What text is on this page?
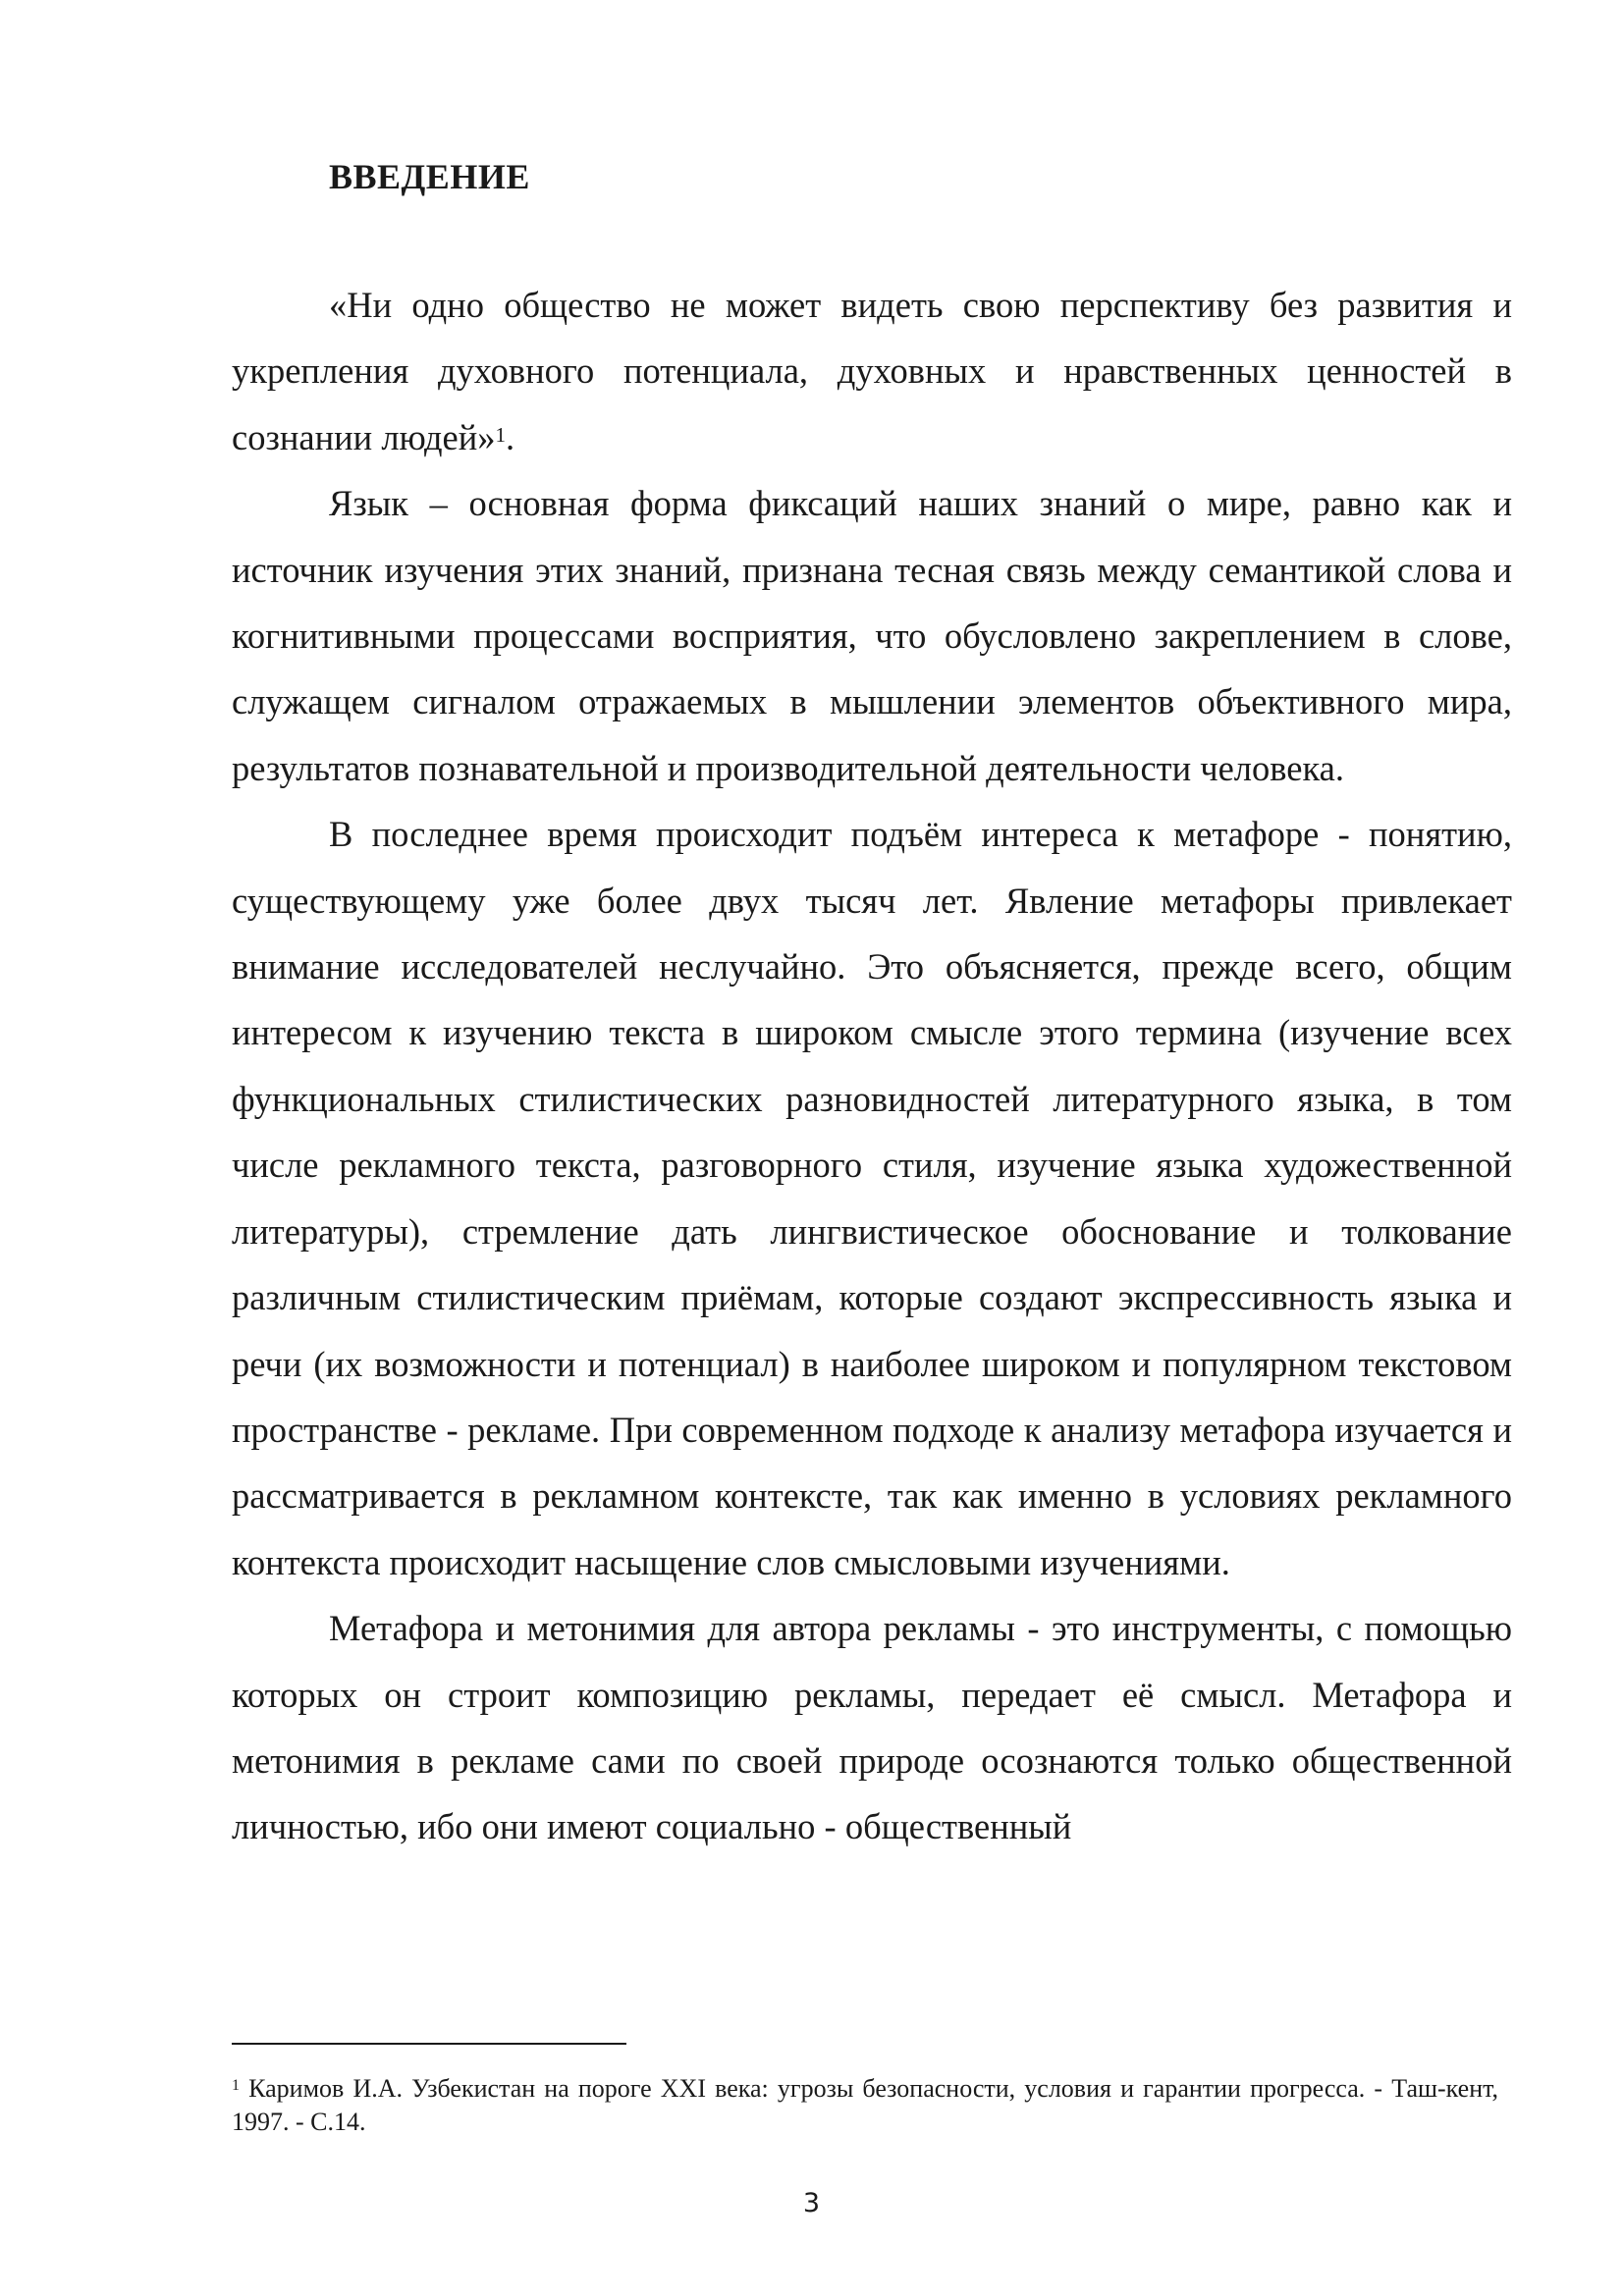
ВВЕДЕНИЕ

«Ни одно общество не может видеть свою перспективу без развития и укрепления духовного потенциала, духовных и нравственных ценностей в сознании людей»$^1$.

Язык – основная форма фиксаций наших знаний о мире, равно как и источник изучения этих знаний, признана тесная связь между семантикой слова и когнитивными процессами восприятия, что обусловлено закреплением в слове, служащем сигналом отражаемых в мышлении элементов объективного мира, результатов познавательной и производительной деятельности человека.

В последнее время происходит подъём интереса к метафоре - понятию, существующему уже более двух тысяч лет. Явление метафоры привлекает внимание исследователей неслучайно. Это объясняется, прежде всего, общим интересом к изучению текста в широком смысле этого термина (изучение всех функциональных стилистических разновидностей литературного языка, в том числе рекламного текста, разговорного стиля, изучение языка художественной литературы), стремление дать лингвистическое обоснование и толкование различным стилистическим приёмам, которые создают экспрессивность языка и речи (их возможности и потенциал) в наиболее широком и популярном текстовом пространстве - рекламе. При современном подходе к анализу метафора изучается и рассматривается в рекламном контексте, так как именно в условиях рекламного контекста происходит насыщение слов смысловыми изучениями.

Метафора и метонимия для автора рекламы - это инструменты, с помощью которых он строит композицию рекламы, передает её смысл. Метафора и метонимия в рекламе сами по своей природе осознаются только общественной личностью, ибо они имеют социально - общественный

$^1$ Каримов И.А. Узбекистан на пороге XXI века: угрозы безопасности, условия и гарантии прогресса. - Таш-кент, 1997. - С.14.

3
